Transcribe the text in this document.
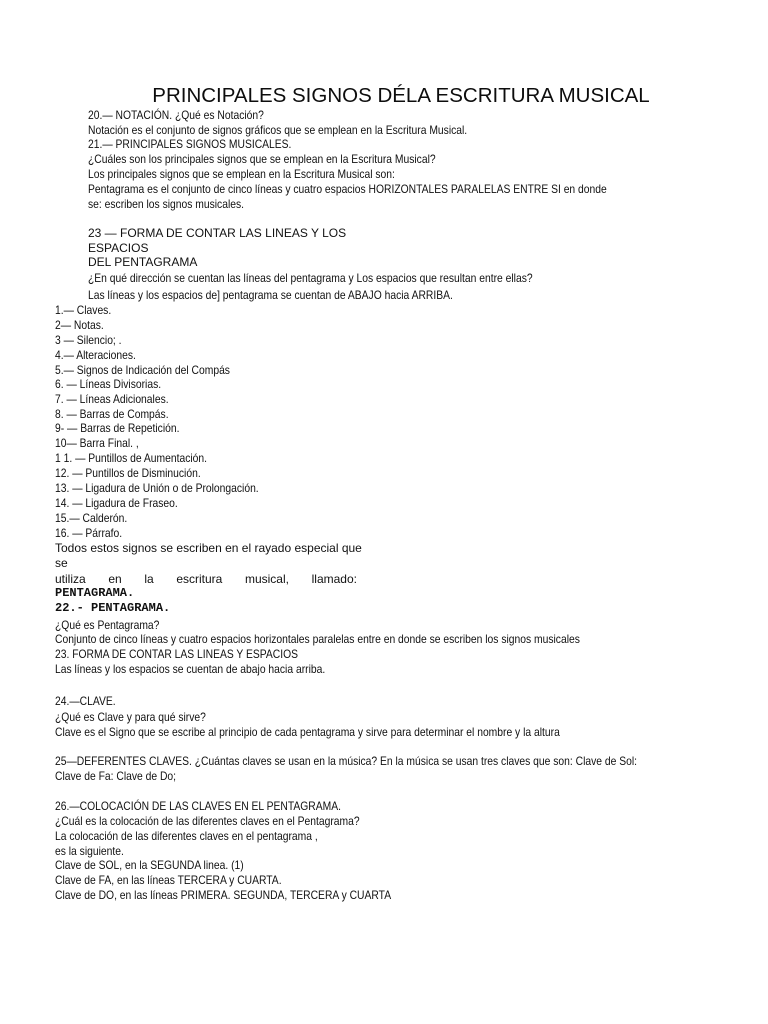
PRINCIPALES SIGNOS DÉLA ESCRITURA MUSICAL
20.— NOTACIÓN. ¿Qué es Notación?
Notación es el conjunto de signos gráficos que se emplean en la Escritura Musical.
21.— PRINCIPALES SIGNOS MUSICALES.
¿Cuáles son los principales signos que se emplean en la Escritura Musical?
Los principales signos que se emplean en la Escritura Musical son:
Pentagrama es el conjunto de cinco líneas y cuatro espacios HORIZONTALES PARALELAS ENTRE SI en donde
se: escriben los signos musicales.
23 — FORMA DE CONTAR LAS LINEAS Y LOS
ESPACIOS
DEL PENTAGRAMA
¿En qué dirección se cuentan las líneas del pentagrama y Los espacios que resultan entre ellas?
Las líneas y los espacios de] pentagrama se cuentan de ABAJO hacia ARRIBA.
1.— Claves.
2— Notas.
3 — Silencio; .
4.— Alteraciones.
5.— Signos de Indicación del Compás
6. — Líneas Divisorias.
7. — Líneas Adicionales.
8. — Barras de Compás.
9- — Barras de Repetición.
10— Barra Final. ,
1 1. — Puntillos de Aumentación.
12. — Puntillos de Disminución.
13. — Ligadura de Unión o de Prolongación.
14. — Ligadura de Fraseo.
15.— Calderón.
16. — Párrafo.
Todos estos signos se escriben en el rayado especial que
se
utiliza en la escritura musical, llamado:
PENTAGRAMA.
22.- PENTAGRAMA.
¿Qué es Pentagrama?
Conjunto de cinco líneas y cuatro espacios horizontales paralelas entre en donde se escriben los signos musicales
23. FORMA DE CONTAR LAS LINEAS Y ESPACIOS
Las líneas y los espacios se cuentan de abajo hacia arriba.
24.—CLAVE.
¿Qué es Clave y para qué sirve?
Clave es el Signo que se escribe al principio de cada pentagrama y sirve para determinar el nombre y la altura
25—DEFERENTES CLAVES. ¿Cuántas claves se usan en la música? En la música se usan tres claves que son: Clave de Sol:
Clave de Fa: Clave de Do;
26.—COLOCACIÓN DE LAS CLAVES EN EL PENTAGRAMA.
¿Cuál es la colocación de las diferentes claves en el Pentagrama?
La colocación de las diferentes claves en el pentagrama ,
es la siguiente.
Clave de SOL, en la SEGUNDA linea. (1)
Clave de FA, en las líneas TERCERA y CUARTA.
Clave de DO, en las líneas PRIMERA. SEGUNDA, TERCERA y CUARTA
